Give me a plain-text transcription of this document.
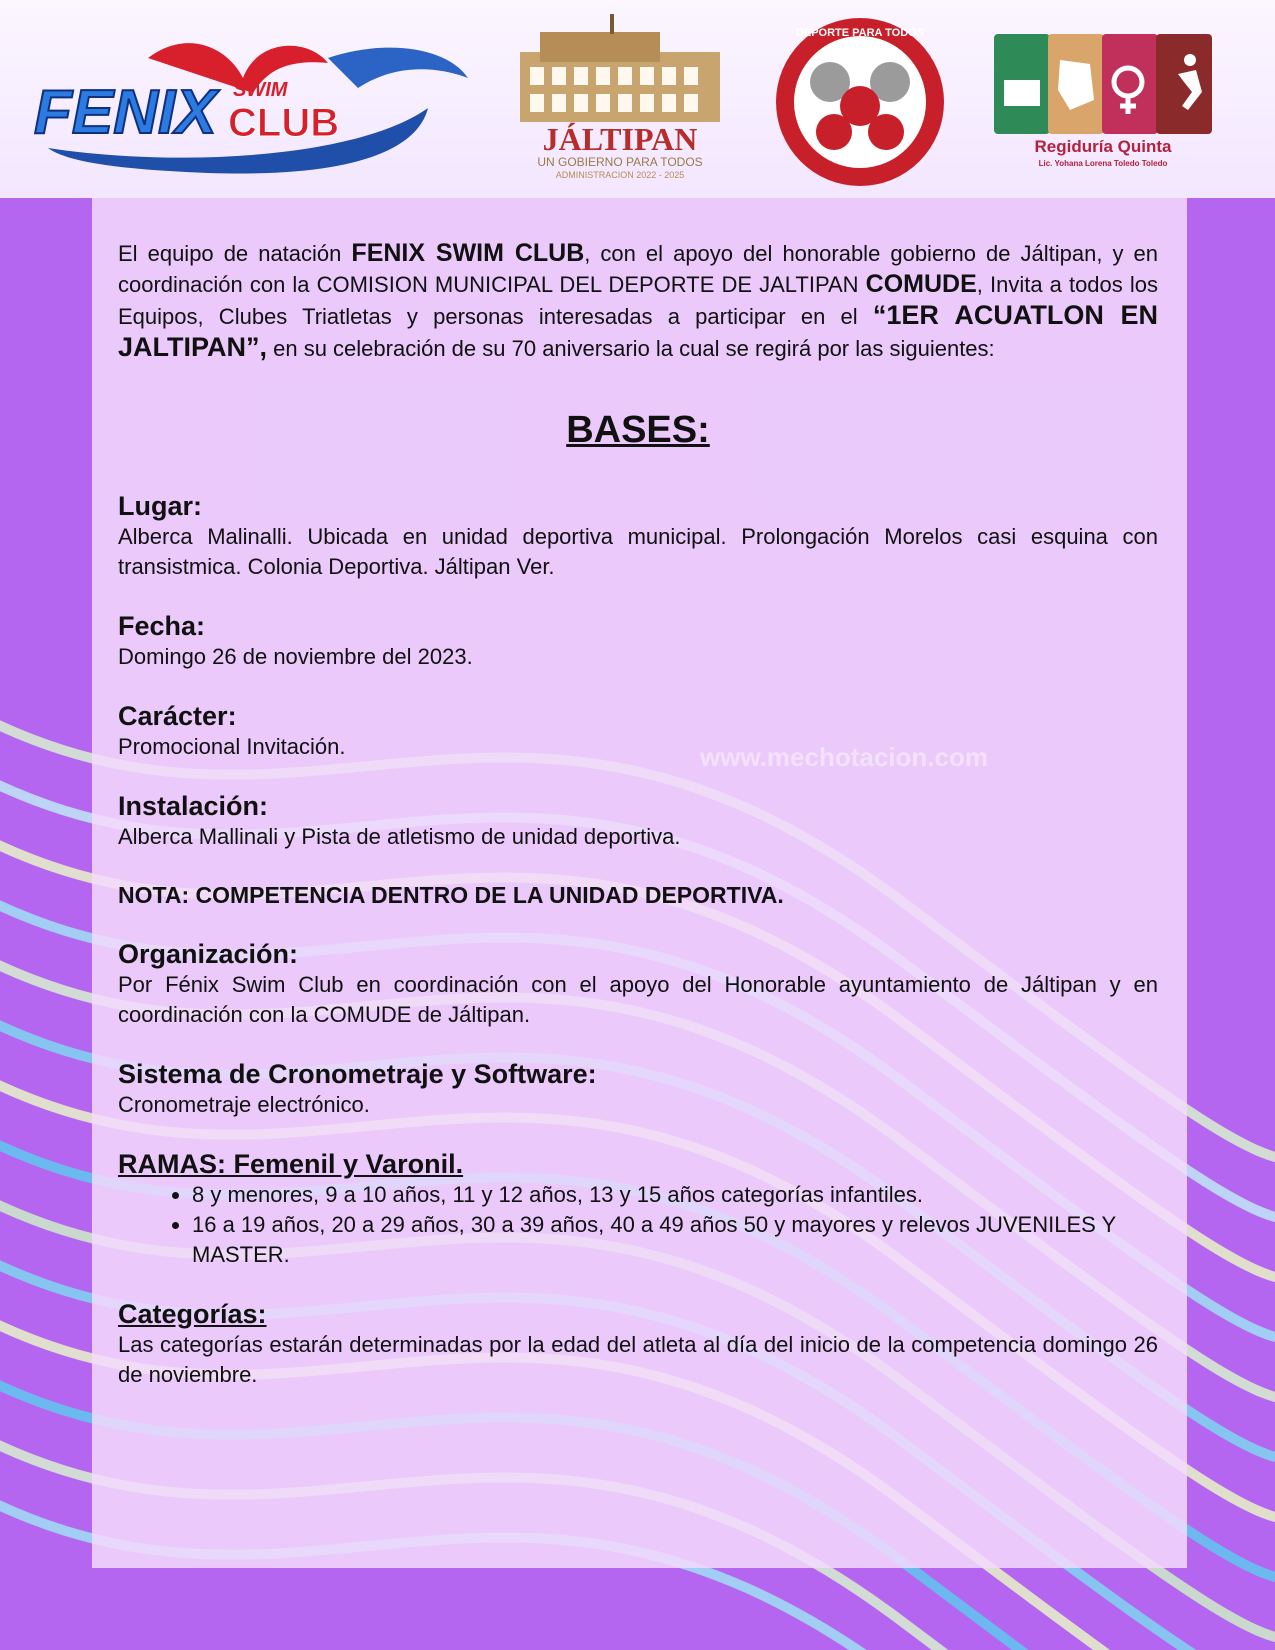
FENIX SWIM
CLUB	JÁLTIPAN
UN GOBIERNO PARA TODOS
ADMINISTRACION 2022 - 2025
DEPORTE PARA TODOS
Regiduría Quinta
Lic. Yohana Lorena Toledo Toledo
www.mechotacion.com

El equipo de natación FENIX SWIM CLUB, con el apoyo del honorable gobierno de Jáltipan, y en coordinación con la COMISION MUNICIPAL DEL DEPORTE DE JALTIPAN COMUDE, Invita a todos los Equipos, Clubes Triatletas y personas interesadas a participar en el “1ER ACUATLON EN JALTIPAN”, en su celebración de su 70 aniversario la cual se regirá por las siguientes:

BASES:

Lugar:

Alberca Malinalli. Ubicada en unidad deportiva municipal. Prolongación Morelos casi esquina con transistmica. Colonia Deportiva. Jáltipan Ver.

Fecha:

Domingo 26 de noviembre del 2023.

Carácter:

Promocional Invitación.

Instalación:

Alberca Mallinali y Pista de atletismo de unidad deportiva.

NOTA: COMPETENCIA DENTRO DE LA UNIDAD DEPORTIVA.

Organización:

Por Fénix Swim Club en coordinación con el apoyo del Honorable ayuntamiento de Jáltipan y en coordinación con la COMUDE de Jáltipan.

Sistema de Cronometraje y Software:

Cronometraje electrónico.

RAMAS: Femenil y Varonil.

• 8 y menores, 9 a 10 años, 11 y 12 años, 13 y 15 años categorías infantiles.
• 16 a 19 años, 20 a 29 años, 30 a 39 años, 40 a 49 años 50 y mayores y relevos JUVENILES Y MASTER.

Categorías:

Las categorías estarán determinadas por la edad del atleta al día del inicio de la competencia domingo 26 de noviembre.
